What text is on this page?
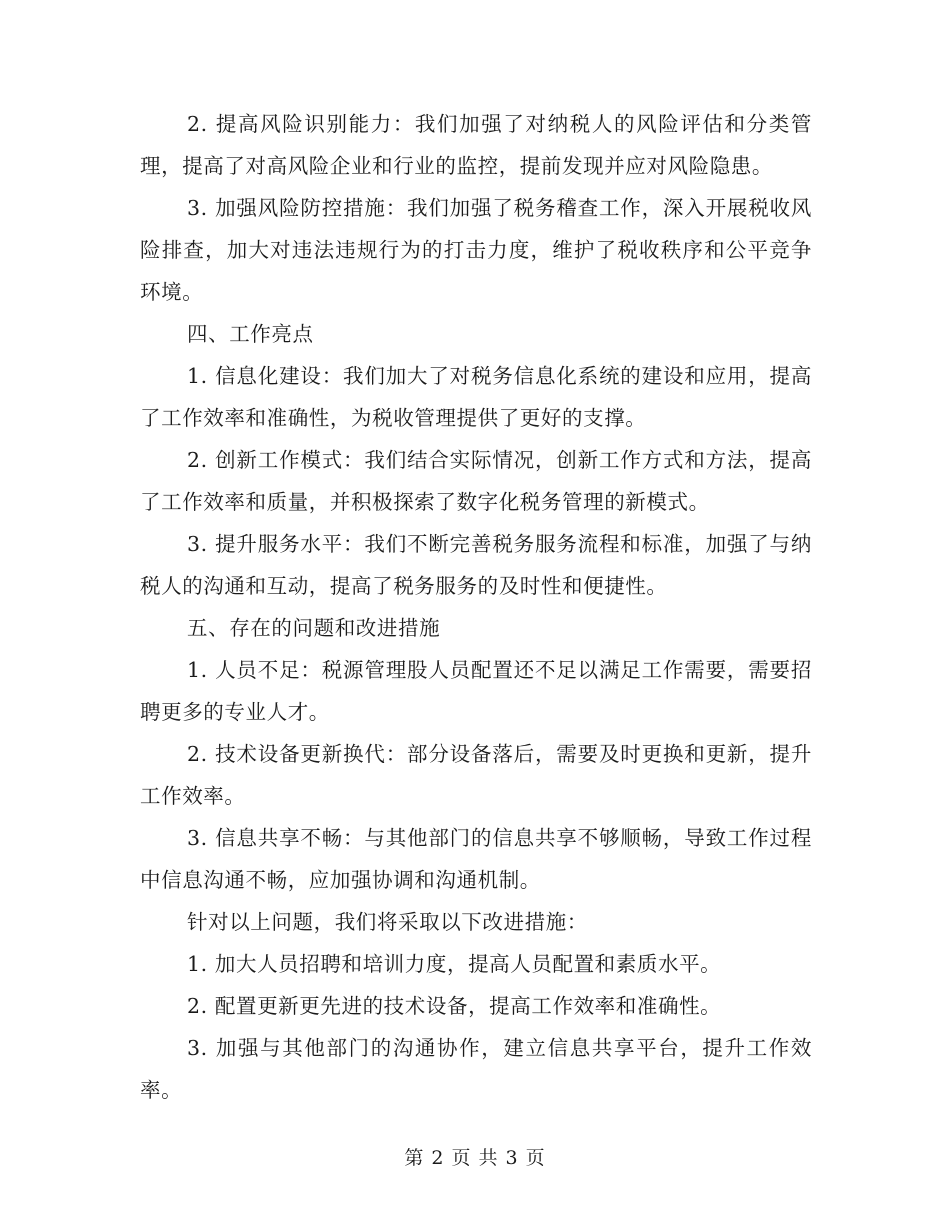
2. 提高风险识别能力：我们加强了对纳税人的风险评估和分类管理，提高了对高风险企业和行业的监控，提前发现并应对风险隐患。

3. 加强风险防控措施：我们加强了税务稽查工作，深入开展税收风险排查，加大对违法违规行为的打击力度，维护了税收秩序和公平竞争环境。

四、工作亮点

1. 信息化建设：我们加大了对税务信息化系统的建设和应用，提高了工作效率和准确性，为税收管理提供了更好的支撑。

2. 创新工作模式：我们结合实际情况，创新工作方式和方法，提高了工作效率和质量，并积极探索了数字化税务管理的新模式。

3. 提升服务水平：我们不断完善税务服务流程和标准，加强了与纳税人的沟通和互动，提高了税务服务的及时性和便捷性。

五、存在的问题和改进措施

1. 人员不足：税源管理股人员配置还不足以满足工作需要，需要招聘更多的专业人才。

2. 技术设备更新换代：部分设备落后，需要及时更换和更新，提升工作效率。

3. 信息共享不畅：与其他部门的信息共享不够顺畅，导致工作过程中信息沟通不畅，应加强协调和沟通机制。

针对以上问题，我们将采取以下改进措施：

1. 加大人员招聘和培训力度，提高人员配置和素质水平。

2. 配置更新更先进的技术设备，提高工作效率和准确性。

3. 加强与其他部门的沟通协作，建立信息共享平台，提升工作效率。

第 2 页 共 3 页
